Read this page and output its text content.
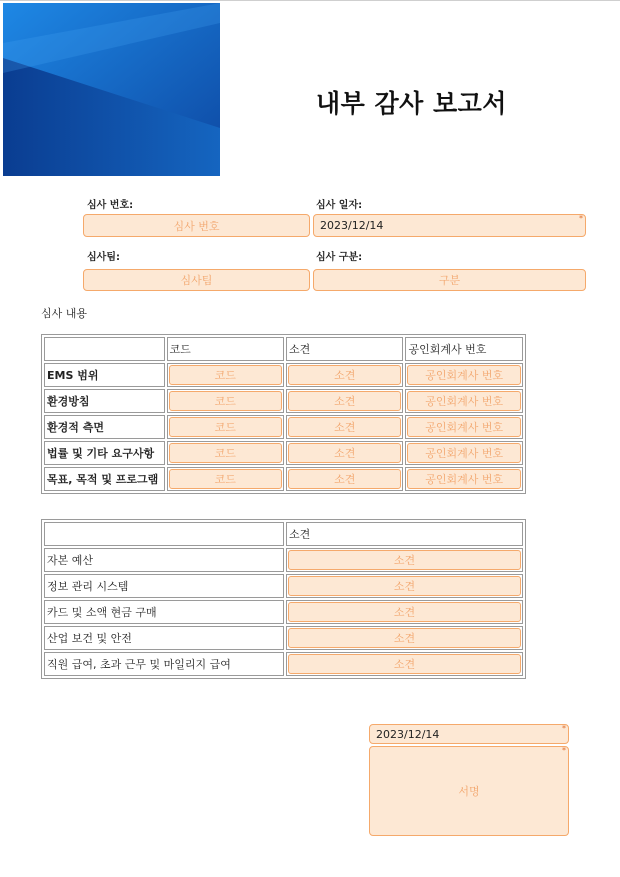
내부 감사 보고서
심사 번호:
심사 번호
심사 일자:
2023/12/14
*
심사팀:
심사팀
심사 구분:
구분
심사 내용
	코드	소견	공인회계사 번호
EMS 범위	코드	소견	공인회계사 번호

환경방침	코드	소견	공인회계사 번호

환경적 측면	코드	소견	공인회계사 번호

법률 및 기타 요구사항	코드	소견	공인회계사 번호

목표, 목적 및 프로그램	코드	소견	공인회계사 번호
	소견
자본 예산	소견

정보 관리 시스템	소견

카드 및 소액 현금 구매	소견

산업 보건 및 안전	소견

직원 급여, 초과 근무 및 마일리지 급여	소견
2023/12/14	*
서명
*
